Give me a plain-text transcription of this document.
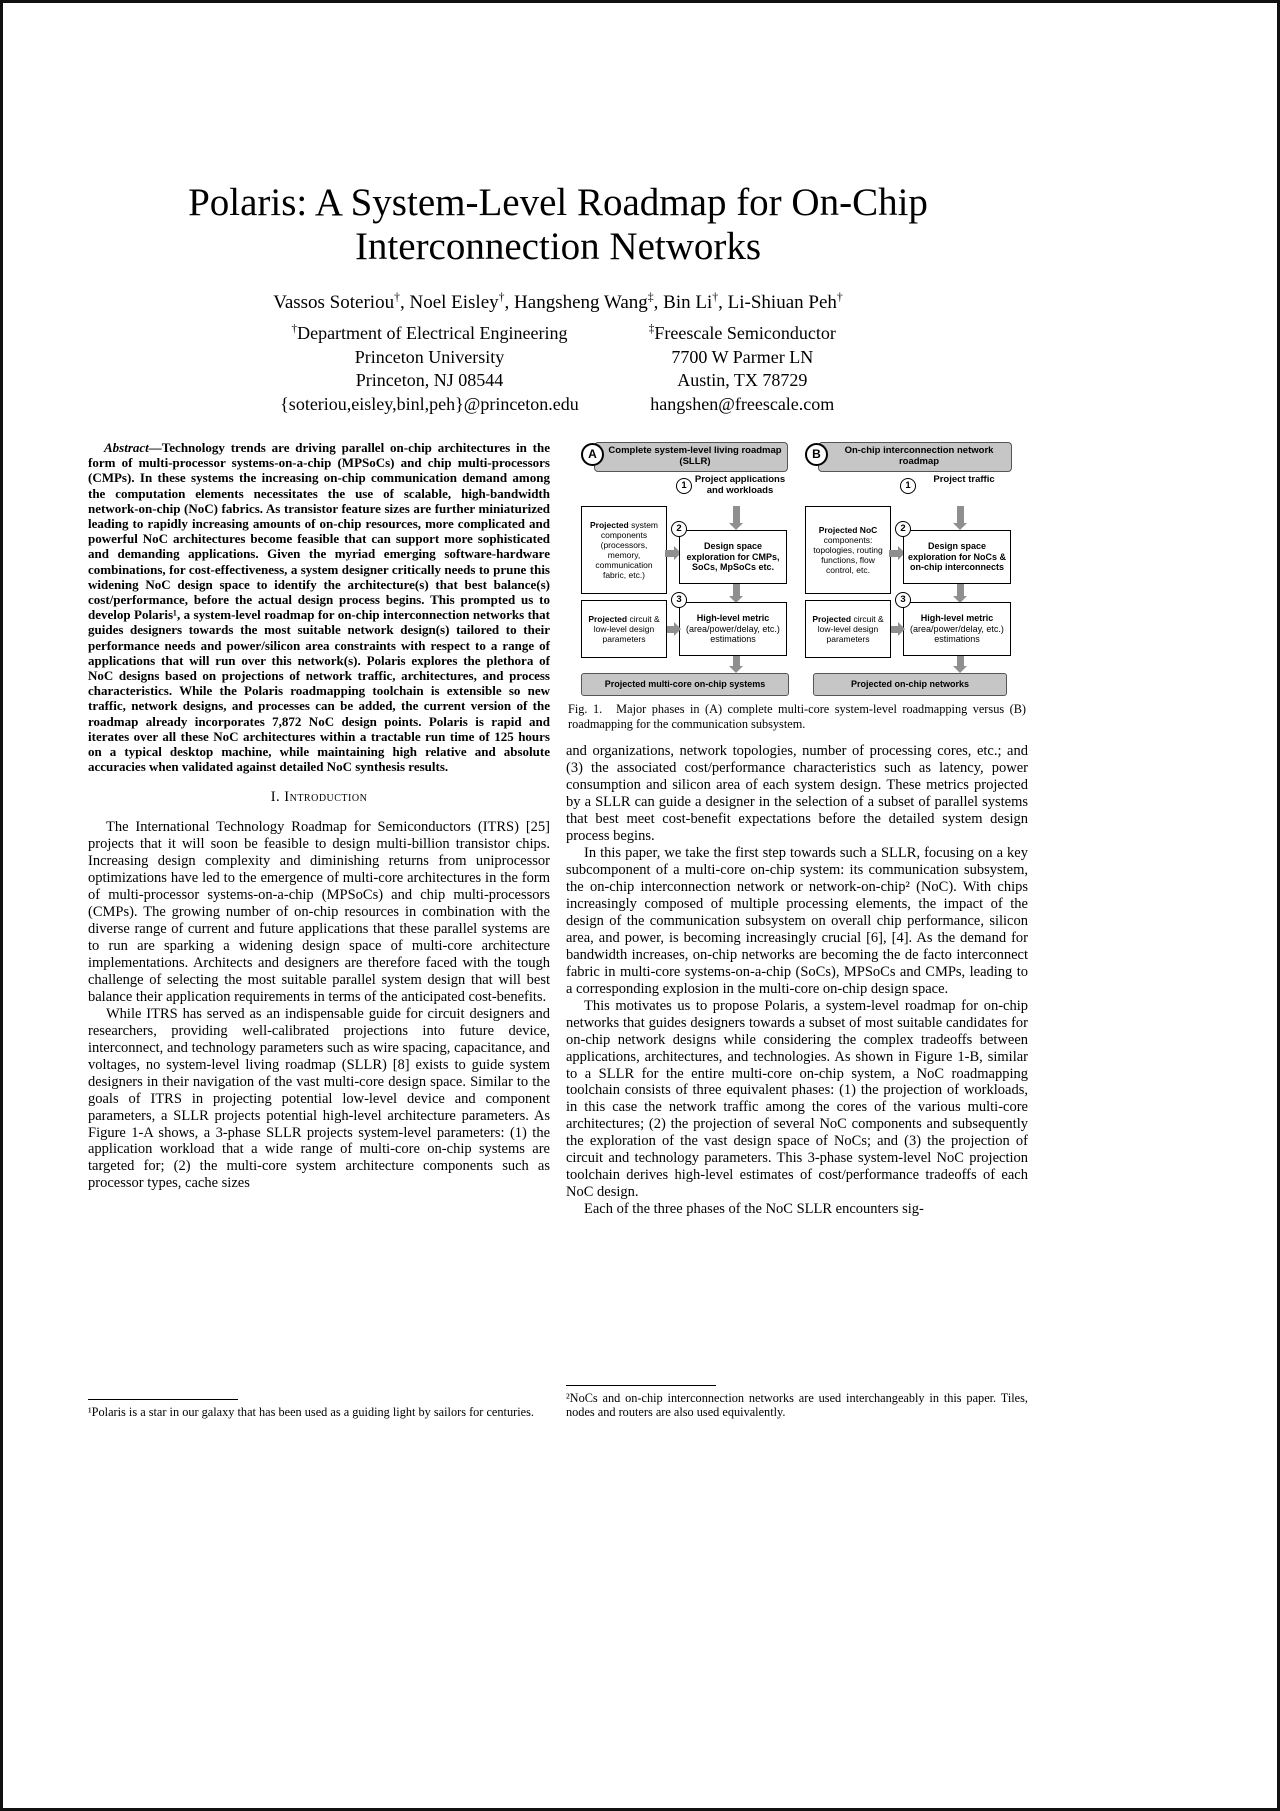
Polaris: A System-Level Roadmap for On-Chip
Interconnection Networks
Vassos Soteriou†, Noel Eisley†, Hangsheng Wang‡, Bin Li†, Li-Shiuan Peh†
†Department of Electrical Engineering
Princeton University
Princeton, NJ 08544
{soteriou,eisley,binl,peh}@princeton.edu
‡Freescale Semiconductor
7700 W Parmer LN
Austin, TX 78729
hangshen@freescale.com

Abstract—Technology trends are driving parallel on-chip architectures in the form of multi-processor systems-on-a-chip (MPSoCs) and chip multi-processors (CMPs). In these systems the increasing on-chip communication demand among the computation elements necessitates the use of scalable, high-bandwidth network-on-chip (NoC) fabrics. As transistor feature sizes are further miniaturized leading to rapidly increasing amounts of on-chip resources, more complicated and powerful NoC architectures become feasible that can support more sophisticated and demanding applications. Given the myriad emerging software-hardware combinations, for cost-effectiveness, a system designer critically needs to prune this widening NoC design space to identify the architecture(s) that best balance(s) cost/performance, before the actual design process begins. This prompted us to develop Polaris¹, a system-level roadmap for on-chip interconnection networks that guides designers towards the most suitable network design(s) tailored to their performance needs and power/silicon area constraints with respect to a range of applications that will run over this network(s). Polaris explores the plethora of NoC designs based on projections of network traffic, architectures, and process characteristics. While the Polaris roadmapping toolchain is extensible so new traffic, network designs, and processes can be added, the current version of the roadmap already incorporates 7,872 NoC design points. Polaris is rapid and iterates over all these NoC architectures within a tractable run time of 125 hours on a typical desktop machine, while maintaining high relative and absolute accuracies when validated against detailed NoC synthesis results.

I. Introduction

The International Technology Roadmap for Semiconductors (ITRS) [25] projects that it will soon be feasible to design multi-billion transistor chips. Increasing design complexity and diminishing returns from uniprocessor optimizations have led to the emergence of multi-core architectures in the form of multi-processor systems-on-a-chip (MPSoCs) and chip multi-processors (CMPs). The growing number of on-chip resources in combination with the diverse range of current and future applications that these parallel systems are to run are sparking a widening design space of multi-core architecture implementations. Architects and designers are therefore faced with the tough challenge of selecting the most suitable parallel system design that will best balance their application requirements in terms of the anticipated cost-benefits.

While ITRS has served as an indispensable guide for circuit designers and researchers, providing well-calibrated projections into future device, interconnect, and technology parameters such as wire spacing, capacitance, and voltages, no system-level living roadmap (SLLR) [8] exists to guide system designers in their navigation of the vast multi-core design space. Similar to the goals of ITRS in projecting potential low-level device and component parameters, a SLLR projects potential high-level architecture parameters. As Figure 1-A shows, a 3-phase SLLR projects system-level parameters: (1) the application workload that a wide range of multi-core on-chip systems are targeted for; (2) the multi-core system architecture components such as processor types, cache sizes

¹Polaris is a star in our galaxy that has been used as a guiding light by sailors for centuries.

A	Complete system-level living roadmap (SLLR)
1
Project applications and workloads
Projected system components (processors, memory, communication fabric, etc.)
2
Design space exploration for CMPs, SoCs, MpSoCs etc.
3
High-level metric (area/power/delay, etc.) estimations
Projected circuit & low-level design parameters
Projected multi-core on-chip systems
B	On-chip interconnection network roadmap
1
Project traffic
Projected NoC components: topologies, routing functions, flow control, etc.
2
Design space exploration for NoCs & on-chip interconnects
3
High-level metric (area/power/delay, etc.) estimations
Projected circuit & low-level design parameters
Projected on-chip networks

Fig. 1. Major phases in (A) complete multi-core system-level roadmapping versus (B) roadmapping for the communication subsystem.

and organizations, network topologies, number of processing cores, etc.; and (3) the associated cost/performance characteristics such as latency, power consumption and silicon area of each system design. These metrics projected by a SLLR can guide a designer in the selection of a subset of parallel systems that best meet cost-benefit expectations before the detailed system design process begins.

In this paper, we take the first step towards such a SLLR, focusing on a key subcomponent of a multi-core on-chip system: its communication subsystem, the on-chip interconnection network or network-on-chip² (NoC). With chips increasingly composed of multiple processing elements, the impact of the design of the communication subsystem on overall chip performance, silicon area, and power, is becoming increasingly crucial [6], [4]. As the demand for bandwidth increases, on-chip networks are becoming the de facto interconnect fabric in multi-core systems-on-a-chip (SoCs), MPSoCs and CMPs, leading to a corresponding explosion in the multi-core on-chip design space.

This motivates us to propose Polaris, a system-level roadmap for on-chip networks that guides designers towards a subset of most suitable candidates for on-chip network designs while considering the complex tradeoffs between applications, architectures, and technologies. As shown in Figure 1-B, similar to a SLLR for the entire multi-core on-chip system, a NoC roadmapping toolchain consists of three equivalent phases: (1) the projection of workloads, in this case the network traffic among the cores of the various multi-core architectures; (2) the projection of several NoC components and subsequently the exploration of the vast design space of NoCs; and (3) the projection of circuit and technology parameters. This 3-phase system-level NoC projection toolchain derives high-level estimates of cost/performance tradeoffs of each NoC design.

Each of the three phases of the NoC SLLR encounters sig-

²NoCs and on-chip interconnection networks are used interchangeably in this paper. Tiles, nodes and routers are also used equivalently.
